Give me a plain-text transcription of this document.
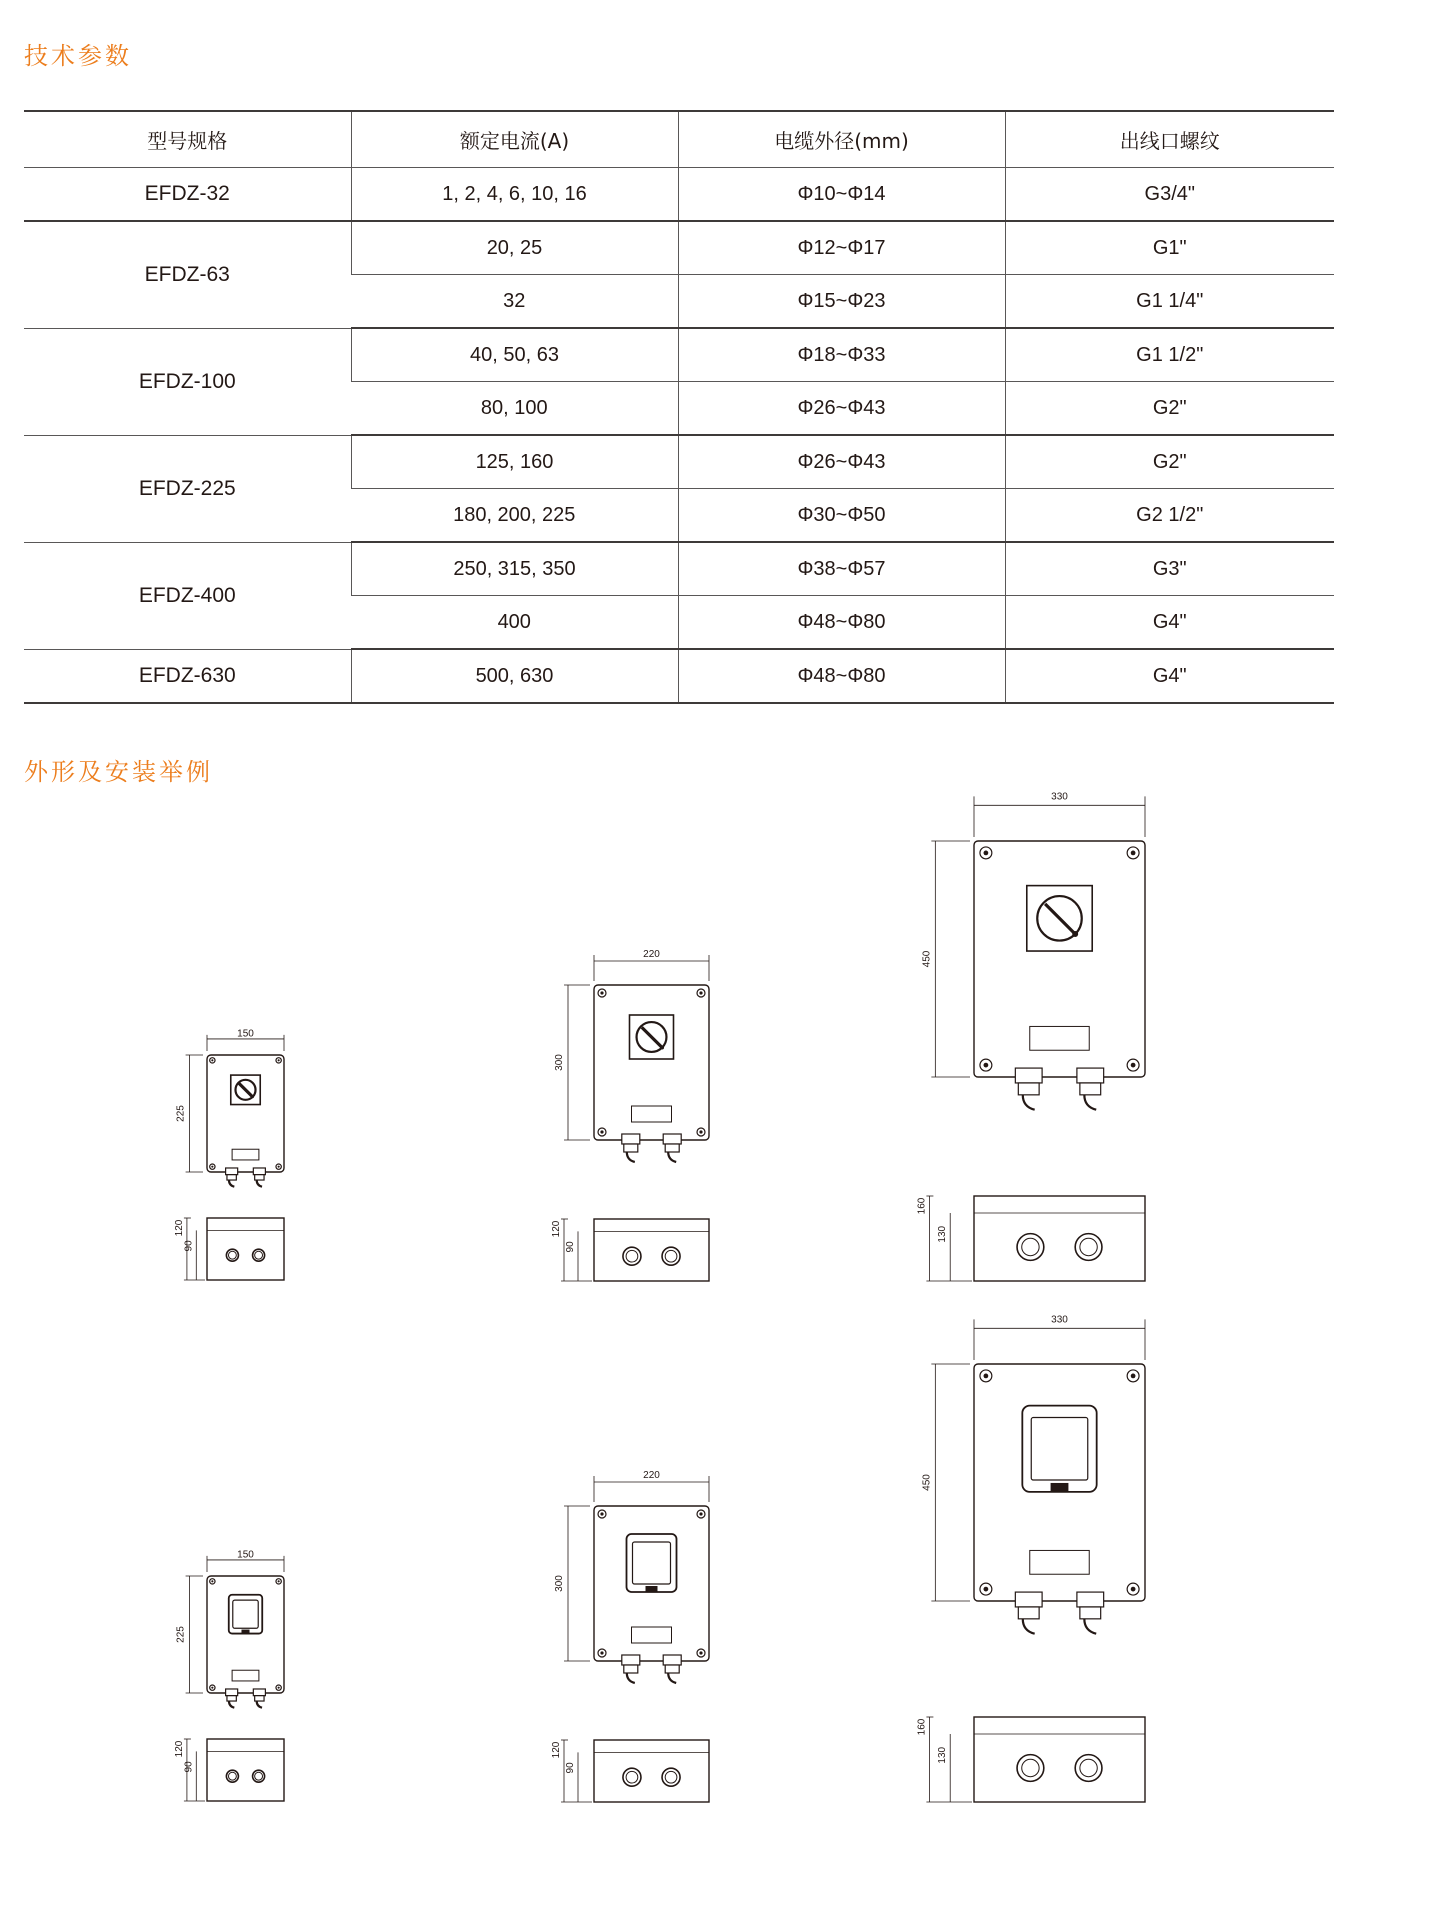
技术参数
型号规格	额定电流(A)	电缆外径(mm)	出线口螺纹
EFDZ-32	1, 2, 4, 6, 10, 16	Φ10~Φ14	G3/4"
EFDZ-63	20, 25	Φ12~Φ17	G1"
	32	Φ15~Φ23	G1 1/4"
EFDZ-100	40, 50, 63	Φ18~Φ33	G1 1/2"
	80, 100	Φ26~Φ43	G2"
EFDZ-225	125, 160	Φ26~Φ43	G2"
	180, 200, 225	Φ30~Φ50	G2 1/2"
EFDZ-400	250, 315, 350	Φ38~Φ57	G3"
	400	Φ48~Φ80	G4"
EFDZ-630	500, 630	Φ48~Φ80	G4"
外形及安装举例
150
225
120
90
220
300
120
90
330
450
160
130
150
225
120
90
220
300
120
90
330
450
160
130
